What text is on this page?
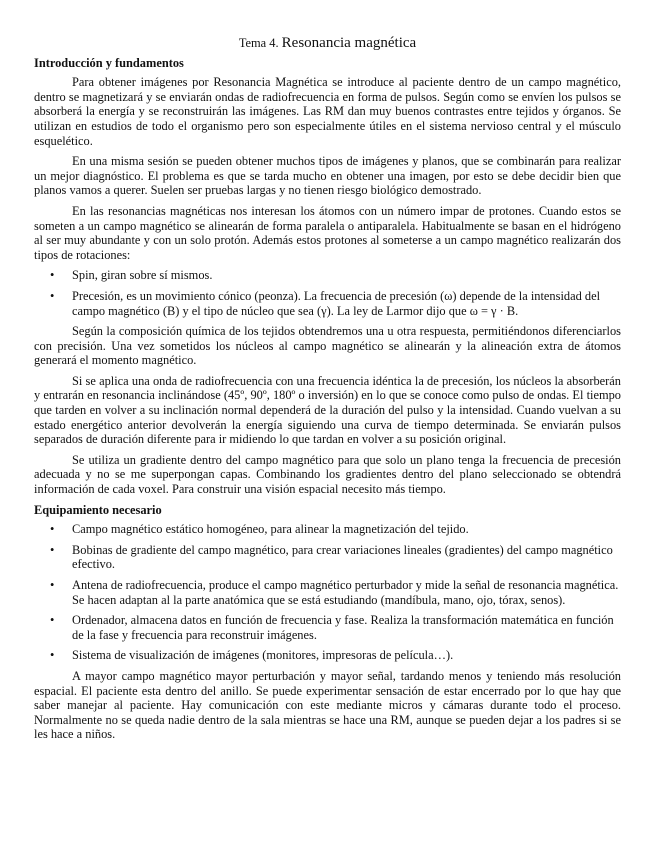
Tema 4. Resonancia magnética
Introducción y fundamentos

Para obtener imágenes por Resonancia Magnética se introduce al paciente dentro de un campo magnético, dentro se magnetizará y se enviarán ondas de radiofrecuencia en forma de pulsos. Según como se envíen los pulsos se absorberá la energía y se reconstruirán las imágenes. Las RM dan muy buenos contrastes entre tejidos y órganos. Se utilizan en estudios de todo el organismo pero son especialmente útiles en el sistema nervioso central y el músculo esquelético.

En una misma sesión se pueden obtener muchos tipos de imágenes y planos, que se combinarán para realizar un mejor diagnóstico. El problema es que se tarda mucho en obtener una imagen, por esto se debe decidir bien que planos vamos a querer. Suelen ser pruebas largas y no tienen riesgo biológico demostrado.

En las resonancias magnéticas nos interesan los átomos con un número impar de protones. Cuando estos se someten a un campo magnético se alinearán de forma paralela o antiparalela. Habitualmente se basan en el hidrógeno al ser muy abundante y con un solo protón. Además estos protones al someterse a un campo magnético realizarán dos tipos de rotaciones:

• Spin, giran sobre sí mismos.
• Precesión, es un movimiento cónico (peonza). La frecuencia de precesión (ω) depende de la intensidad del campo magnético (B) y el tipo de núcleo que sea (γ). La ley de Larmor dijo que ω = γ · B.

Según la composición química de los tejidos obtendremos una u otra respuesta, permitiéndonos diferenciarlos con precisión. Una vez sometidos los núcleos al campo magnético se alinearán y la alineación extra de átomos generará el momento magnético.

Si se aplica una onda de radiofrecuencia con una frecuencia idéntica la de precesión, los núcleos la absorberán y entrarán en resonancia inclinándose (45º, 90º, 180º o inversión) en lo que se conoce como pulso de ondas. El tiempo que tarden en volver a su inclinación normal dependerá de la duración del pulso y la intensidad. Cuando vuelvan a su estado energético anterior devolverán la energía siguiendo una curva de tiempo determinada. Se enviarán pulsos separados de duración diferente para ir midiendo lo que tardan en volver a su posición original.

Se utiliza un gradiente dentro del campo magnético para que solo un plano tenga la frecuencia de precesión adecuada y no se me superpongan capas. Combinando los gradientes dentro del plano seleccionado se obtendrá información de cada voxel. Para construir una visión espacial necesito más tiempo.

Equipamiento necesario
• Campo magnético estático homogéneo, para alinear la magnetización del tejido.
• Bobinas de gradiente del campo magnético, para crear variaciones lineales (gradientes) del campo magnético efectivo.
• Antena de radiofrecuencia, produce el campo magnético perturbador y mide la señal de resonancia magnética. Se hacen adaptan al la parte anatómica que se está estudiando (mandíbula, mano, ojo, tórax, senos).
• Ordenador, almacena datos en función de frecuencia y fase. Realiza la transformación matemática en función de la fase y frecuencia para reconstruir imágenes.
• Sistema de visualización de imágenes (monitores, impresoras de película…).

A mayor campo magnético mayor perturbación y mayor señal, tardando menos y teniendo más resolución espacial. El paciente esta dentro del anillo. Se puede experimentar sensación de estar encerrado por lo que hay que saber manejar al paciente. Hay comunicación con este mediante micros y cámaras durante todo el proceso. Normalmente no se queda nadie dentro de la sala mientras se hace una RM, aunque se pueden dejar a los padres si se les hace a niños.
